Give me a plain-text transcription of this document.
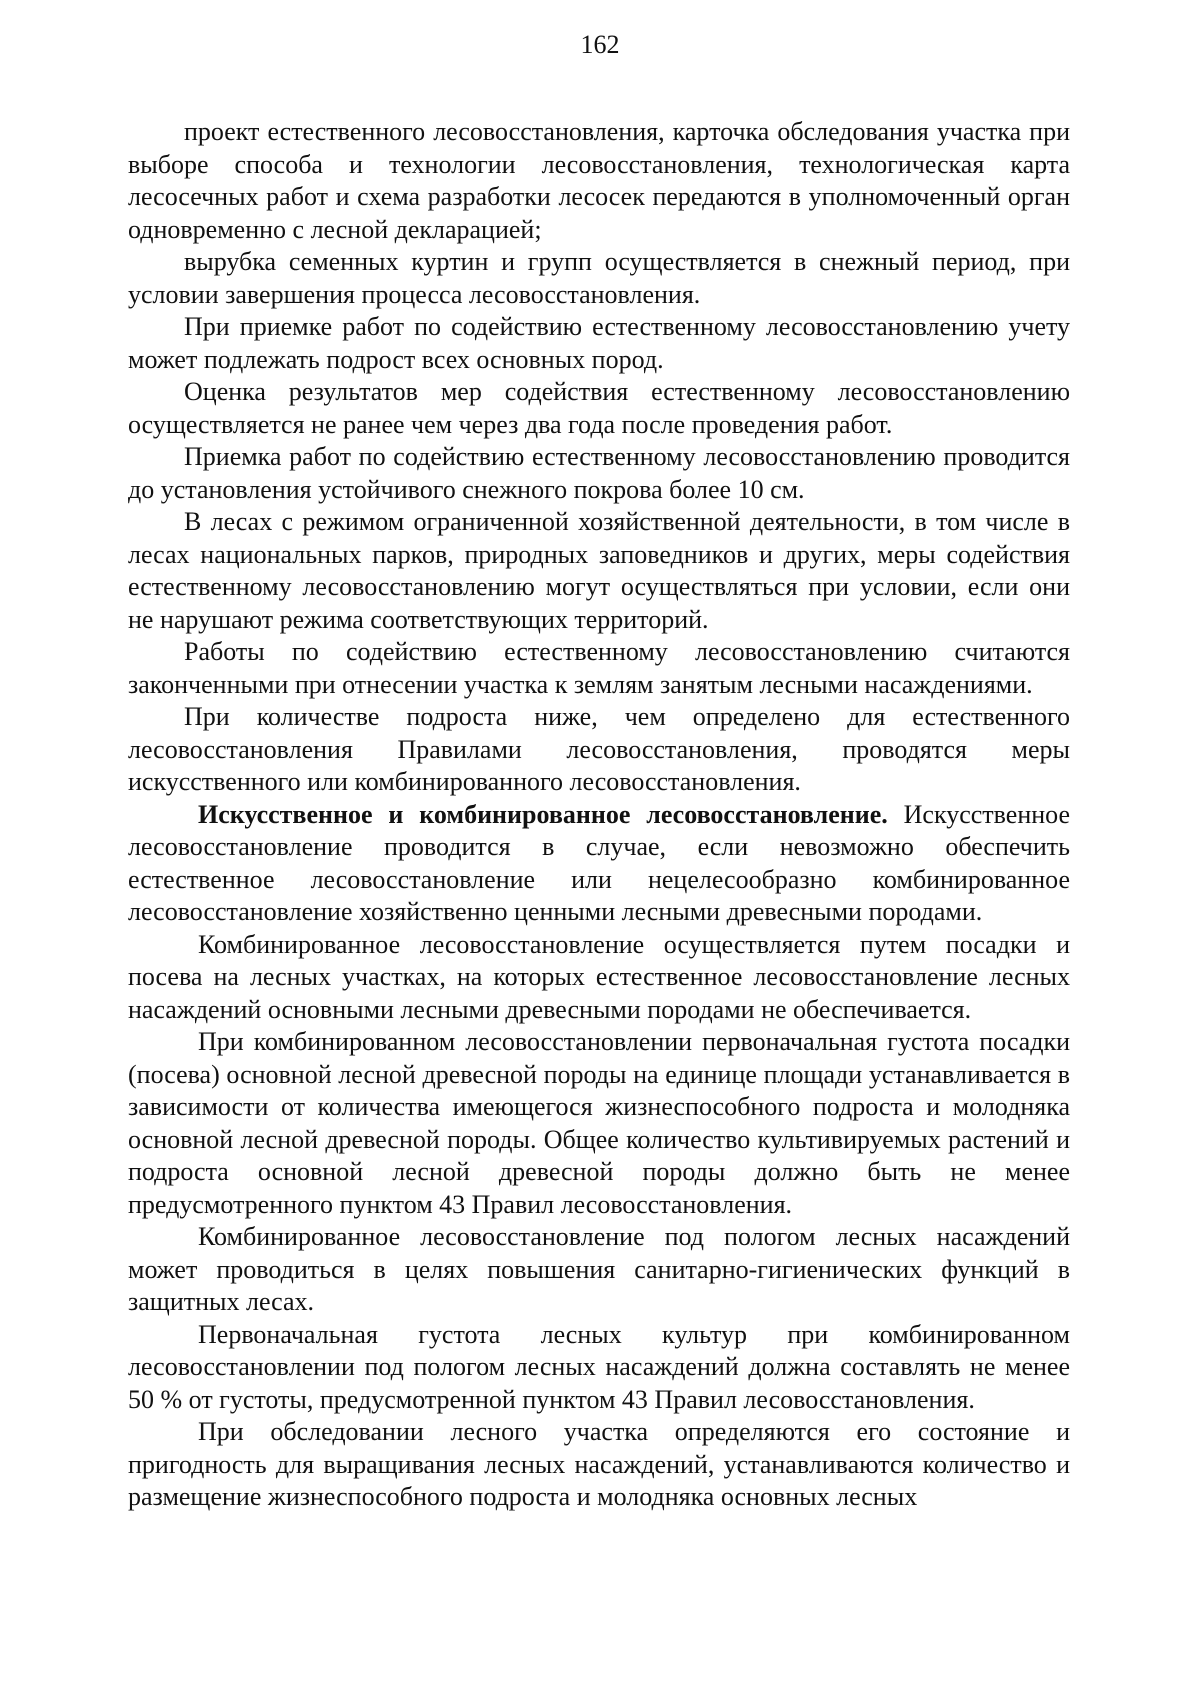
162

проект естественного лесовосстановления, карточка обследования участка при выборе способа и технологии лесовосстановления, технологическая карта лесосечных работ и схема разработки лесосек передаются в уполномоченный орган одновременно с лесной декларацией;

вырубка семенных куртин и групп осуществляется в снежный период, при условии завершения процесса лесовосстановления.

При приемке работ по содействию естественному лесовосстановлению учету может подлежать подрост всех основных пород.

Оценка результатов мер содействия естественному лесовосстановлению осуществляется не ранее чем через два года после проведения работ.

Приемка работ по содействию естественному лесовосстановлению проводится до установления устойчивого снежного покрова более 10 см.

В лесах с режимом ограниченной хозяйственной деятельности, в том числе в лесах национальных парков, природных заповедников и других, меры содействия естественному лесовосстановлению могут осуществляться при условии, если они не нарушают режима соответствующих территорий.

Работы по содействию естественному лесовосстановлению считаются законченными при отнесении участка к землям занятым лесными насаждениями.

При количестве подроста ниже, чем определено для естественного лесовосстановления Правилами лесовосстановления, проводятся меры искусственного или комбинированного лесовосстановления.

Искусственное и комбинированное лесовосстановление. Искусственное лесовосстановление проводится в случае, если невозможно обеспечить естественное лесовосстановление или нецелесообразно комбинированное лесовосстановление хозяйственно ценными лесными древесными породами.

Комбинированное лесовосстановление осуществляется путем посадки и посева на лесных участках, на которых естественное лесовосстановление лесных насаждений основными лесными древесными породами не обеспечивается.

При комбинированном лесовосстановлении первоначальная густота посадки (посева) основной лесной древесной породы на единице площади устанавливается в зависимости от количества имеющегося жизнеспособного подроста и молодняка основной лесной древесной породы. Общее количество культивируемых растений и подроста основной лесной древесной породы должно быть не менее предусмотренного пунктом 43 Правил лесовосстановления.

Комбинированное лесовосстановление под пологом лесных насаждений может проводиться в целях повышения санитарно-гигиенических функций в защитных лесах.

Первоначальная густота лесных культур при комбинированном лесовосстановлении под пологом лесных насаждений должна составлять не менее 50 % от густоты, предусмотренной пунктом 43 Правил лесовосстановления.

При обследовании лесного участка определяются его состояние и пригодность для выращивания лесных насаждений, устанавливаются количество и размещение жизнеспособного подроста и молодняка основных лесных
